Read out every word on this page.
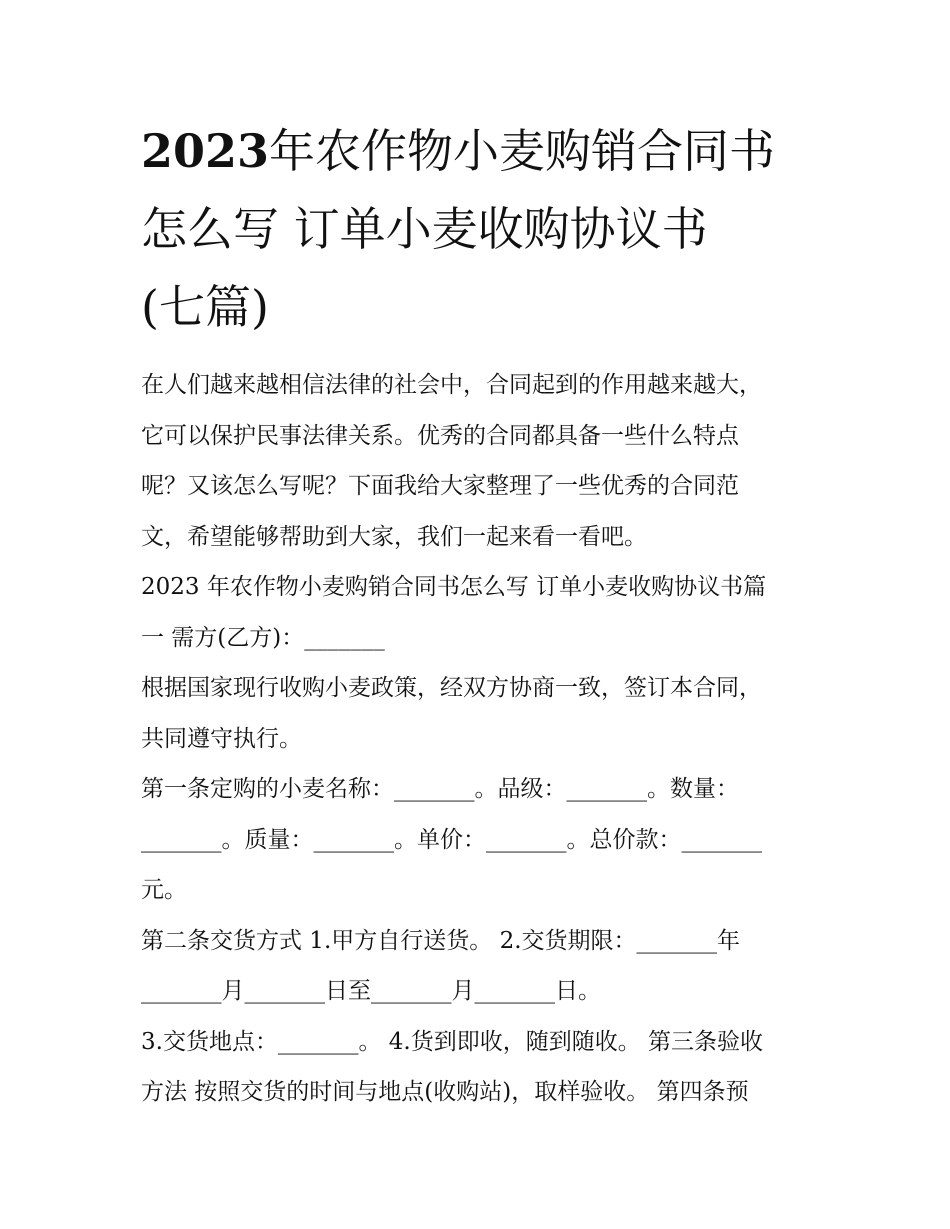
2023年农作物小麦购销合同书
怎么写 订单小麦收购协议书
(七篇)

在人们越来越相信法律的社会中，合同起到的作用越来越大，
它可以保护民事法律关系。优秀的合同都具备一些什么特点
呢？又该怎么写呢？下面我给大家整理了一些优秀的合同范
文，希望能够帮助到大家，我们一起来看一看吧。

2023 年农作物小麦购销合同书怎么写 订单小麦收购协议书篇
一 需方(乙方)：_______

根据国家现行收购小麦政策，经双方协商一致，签订本合同，
共同遵守执行。

第一条定购的小麦名称：_______。品级：_______。数量：
_______。质量：_______。单价：_______。总价款：_______
元。

第二条交货方式 1.甲方自行送货。 2.交货期限：_______年
_______月_______日至_______月_______日。

3.交货地点：_______。 4.货到即收，随到随收。 第三条验收
方法 按照交货的时间与地点(收购站)，取样验收。 第四条预
